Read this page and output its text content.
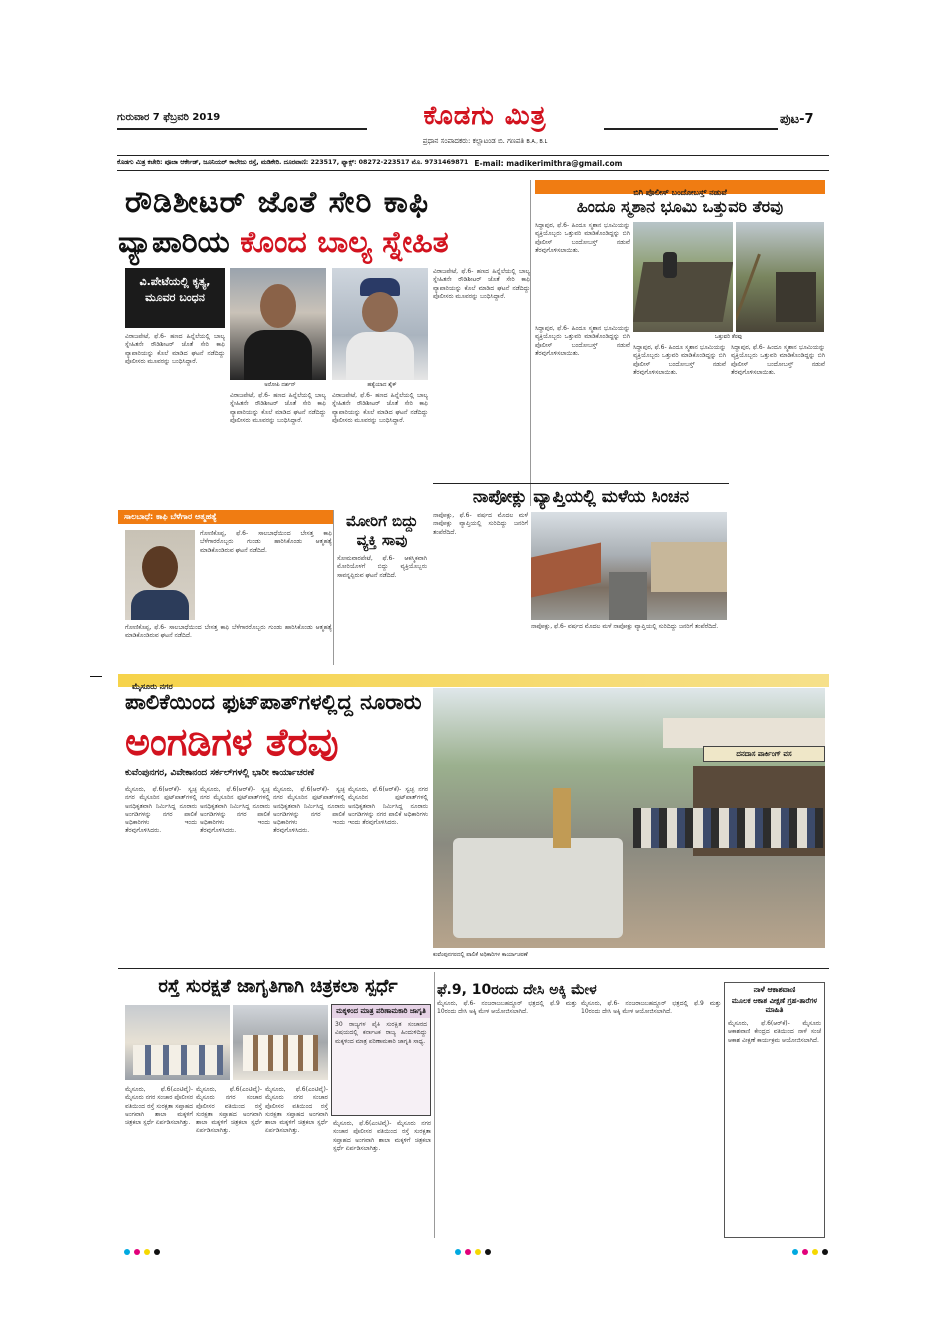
ಗುರುವಾರ 7 ಫೆಬ್ರವರಿ 2019	ಕೊಡಗು ಮಿತ್ರ
ಪ್ರಧಾನ ಸಂಪಾದಕರು: ಕಲ್ಲಾಟಂಡ ಬಿ. ಗಣಪತಿ B.A., B.L
ಪುಟ-7
ಕೊಡಗು ಮಿತ್ರ ಕಚೇರಿ: ಪೂಜಾ ಆರ್ಕೇಡ್, ಜೂನಿಯರ್ ಕಾಲೇಜು ರಸ್ತೆ, ಮಡಿಕೇರಿ. ದೂರವಾಣಿ: 223517, ಫ್ಯಾಕ್ಸ್: 08272-223517 ಮೊ. 9731469871 E-mail: madikerimithra@gmail.com
ರೌಡಿಶೀಟರ್ ಜೊತೆ ಸೇರಿ ಕಾಫಿ
ವ್ಯಾಪಾರಿಯ ಕೊಂದ ಬಾಲ್ಯ ಸ್ನೇಹಿತ
ವಿ.ಪೇಟೆಯಲ್ಲಿ ಕೃತ್ಯ, ಮೂವರ ಬಂಧನ
ಅರೋಪಿ ದರ್ಶನ್	ಹತ್ಯೆಯಾದ ಶೈಕ್
ವಿರಾಜಪೇಟೆ, ಫೆ.6- ಹಣದ ಹಿನ್ನೆಲೆಯಲ್ಲಿ ಬಾಲ್ಯ ಸ್ನೇಹಿತನೇ ರೌಡಿಶೀಟರ್ ಜೊತೆ ಸೇರಿ ಕಾಫಿ ವ್ಯಾಪಾರಿಯನ್ನು ಕೊಲೆ ಮಾಡಿದ ಘಟನೆ ನಡೆದಿದ್ದು ಪೊಲೀಸರು ಮೂವರನ್ನು ಬಂಧಿಸಿದ್ದಾರೆ.
ವಿರಾಜಪೇಟೆ, ಫೆ.6- ಹಣದ ಹಿನ್ನೆಲೆಯಲ್ಲಿ ಬಾಲ್ಯ ಸ್ನೇಹಿತನೇ ರೌಡಿಶೀಟರ್ ಜೊತೆ ಸೇರಿ ಕಾಫಿ ವ್ಯಾಪಾರಿಯನ್ನು ಕೊಲೆ ಮಾಡಿದ ಘಟನೆ ನಡೆದಿದ್ದು ಪೊಲೀಸರು ಮೂವರನ್ನು ಬಂಧಿಸಿದ್ದಾರೆ.
ವಿರಾಜಪೇಟೆ, ಫೆ.6- ಹಣದ ಹಿನ್ನೆಲೆಯಲ್ಲಿ ಬಾಲ್ಯ ಸ್ನೇಹಿತನೇ ರೌಡಿಶೀಟರ್ ಜೊತೆ ಸೇರಿ ಕಾಫಿ ವ್ಯಾಪಾರಿಯನ್ನು ಕೊಲೆ ಮಾಡಿದ ಘಟನೆ ನಡೆದಿದ್ದು ಪೊಲೀಸರು ಮೂವರನ್ನು ಬಂಧಿಸಿದ್ದಾರೆ.
ವಿರಾಜಪೇಟೆ, ಫೆ.6- ಹಣದ ಹಿನ್ನೆಲೆಯಲ್ಲಿ ಬಾಲ್ಯ ಸ್ನೇಹಿತನೇ ರೌಡಿಶೀಟರ್ ಜೊತೆ ಸೇರಿ ಕಾಫಿ ವ್ಯಾಪಾರಿಯನ್ನು ಕೊಲೆ ಮಾಡಿದ ಘಟನೆ ನಡೆದಿದ್ದು ಪೊಲೀಸರು ಮೂವರನ್ನು ಬಂಧಿಸಿದ್ದಾರೆ.
ಸಾಲಬಾಧೆ: ಕಾಫಿ ಬೆಳೆಗಾರ ಆತ್ಮಹತ್ಯೆ
ಗೋಣಿಕೊಪ್ಪ, ಫೆ.6- ಸಾಲಬಾಧೆಯಿಂದ ಬೇಸತ್ತ ಕಾಫಿ ಬೆಳೆಗಾರರೊಬ್ಬರು ಗುಂಡು ಹಾರಿಸಿಕೊಂಡು ಆತ್ಮಹತ್ಯೆ ಮಾಡಿಕೊಂಡಿರುವ ಘಟನೆ ನಡೆದಿದೆ.
ಗೋಣಿಕೊಪ್ಪ, ಫೆ.6- ಸಾಲಬಾಧೆಯಿಂದ ಬೇಸತ್ತ ಕಾಫಿ ಬೆಳೆಗಾರರೊಬ್ಬರು ಗುಂಡು ಹಾರಿಸಿಕೊಂಡು ಆತ್ಮಹತ್ಯೆ ಮಾಡಿಕೊಂಡಿರುವ ಘಟನೆ ನಡೆದಿದೆ.
ಮೋರಿಗೆ ಬಿದ್ದು ವ್ಯಕ್ತಿ ಸಾವು
ಸೋಮವಾರಪೇಟೆ, ಫೆ.6- ಆಕಸ್ಮಿಕವಾಗಿ ಮೋರಿಯೊಳಗೆ ಬಿದ್ದು ವ್ಯಕ್ತಿಯೊಬ್ಬರು ಸಾವನ್ನಪ್ಪಿರುವ ಘಟನೆ ನಡೆದಿದೆ.
ಬಿಗಿ ಪೊಲೀಸ್ ಬಂದೋಬಸ್ತ್ ನಡುವೆ
ಹಿಂದೂ ಸ್ಮಶಾನ ಭೂಮಿ ಒತ್ತುವರಿ ತೆರವು
ಸಿದ್ದಾಪುರ, ಫೆ.6- ಹಿಂದೂ ಸ್ಮಶಾನ ಭೂಮಿಯನ್ನು ವ್ಯಕ್ತಿಯೊಬ್ಬರು ಒತ್ತುವರಿ ಮಾಡಿಕೊಂಡಿದ್ದನ್ನು ಬಿಗಿ ಪೊಲೀಸ್ ಬಂದೋಬಸ್ತ್ ನಡುವೆ ತೆರವುಗೊಳಿಸಲಾಯಿತು.
ಒತ್ತುವರಿ ತೆರವು
ಸಿದ್ದಾಪುರ, ಫೆ.6- ಹಿಂದೂ ಸ್ಮಶಾನ ಭೂಮಿಯನ್ನು ವ್ಯಕ್ತಿಯೊಬ್ಬರು ಒತ್ತುವರಿ ಮಾಡಿಕೊಂಡಿದ್ದನ್ನು ಬಿಗಿ ಪೊಲೀಸ್ ಬಂದೋಬಸ್ತ್ ನಡುವೆ ತೆರವುಗೊಳಿಸಲಾಯಿತು.
ಸಿದ್ದಾಪುರ, ಫೆ.6- ಹಿಂದೂ ಸ್ಮಶಾನ ಭೂಮಿಯನ್ನು ವ್ಯಕ್ತಿಯೊಬ್ಬರು ಒತ್ತುವರಿ ಮಾಡಿಕೊಂಡಿದ್ದನ್ನು ಬಿಗಿ ಪೊಲೀಸ್ ಬಂದೋಬಸ್ತ್ ನಡುವೆ ತೆರವುಗೊಳಿಸಲಾಯಿತು.
ಸಿದ್ದಾಪುರ, ಫೆ.6- ಹಿಂದೂ ಸ್ಮಶಾನ ಭೂಮಿಯನ್ನು ವ್ಯಕ್ತಿಯೊಬ್ಬರು ಒತ್ತುವರಿ ಮಾಡಿಕೊಂಡಿದ್ದನ್ನು ಬಿಗಿ ಪೊಲೀಸ್ ಬಂದೋಬಸ್ತ್ ನಡುವೆ ತೆರವುಗೊಳಿಸಲಾಯಿತು.
ನಾಪೋಕ್ಲು ವ್ಯಾಪ್ತಿಯಲ್ಲಿ ಮಳೆಯ ಸಿಂಚನ
ನಾಪೋಕ್ಲು, ಫೆ.6- ವರ್ಷದ ಮೊದಲ ಮಳೆ ನಾಪೋಕ್ಲು ವ್ಯಾಪ್ತಿಯಲ್ಲಿ ಸುರಿದಿದ್ದು ಜನರಿಗೆ ತಂಪೆರೆದಿದೆ.
ನಾಪೋಕ್ಲು, ಫೆ.6- ವರ್ಷದ ಮೊದಲ ಮಳೆ ನಾಪೋಕ್ಲು ವ್ಯಾಪ್ತಿಯಲ್ಲಿ ಸುರಿದಿದ್ದು ಜನರಿಗೆ ತಂಪೆರೆದಿದೆ.
ಮೈಸೂರು ನಗರ
ಪಾಲಿಕೆಯಿಂದ ಫುಟ್‌ಪಾತ್‌ಗಳಲ್ಲಿದ್ದ ನೂರಾರು
ಅಂಗಡಿಗಳ ತೆರವು
ಕುವೆಂಪುನಗರ, ವಿವೇಕಾನಂದ ಸರ್ಕಲ್‌ಗಳಲ್ಲಿ ಭಾರೀ ಕಾರ್ಯಾಚರಣೆ
ದನದಾಸ ಪಾರ್ಕಿಂಗ್ ವಸ
ಕುವೆಂಪುನಗರದಲ್ಲಿ ಪಾಲಿಕೆ ಅಧಿಕಾರಿಗಳ ಕಾರ್ಯಾಚರಣೆ
ಮೈಸೂರು, ಫೆ.6(ಆರ್‌ಕೆ)- ಸ್ವಚ್ಛ ನಗರ ಮೈಸೂರಿನ ಫುಟ್‌ಪಾತ್‌ಗಳಲ್ಲಿ ಅನಧಿಕೃತವಾಗಿ ನಿರ್ಮಿಸಿದ್ದ ನೂರಾರು ಅಂಗಡಿಗಳನ್ನು ನಗರ ಪಾಲಿಕೆ ಅಧಿಕಾರಿಗಳು ಇಂದು ತೆರವುಗೊಳಿಸಿದರು.
ಮೈಸೂರು, ಫೆ.6(ಆರ್‌ಕೆ)- ಸ್ವಚ್ಛ ನಗರ ಮೈಸೂರಿನ ಫುಟ್‌ಪಾತ್‌ಗಳಲ್ಲಿ ಅನಧಿಕೃತವಾಗಿ ನಿರ್ಮಿಸಿದ್ದ ನೂರಾರು ಅಂಗಡಿಗಳನ್ನು ನಗರ ಪಾಲಿಕೆ ಅಧಿಕಾರಿಗಳು ಇಂದು ತೆರವುಗೊಳಿಸಿದರು.
ಮೈಸೂರು, ಫೆ.6(ಆರ್‌ಕೆ)- ಸ್ವಚ್ಛ ನಗರ ಮೈಸೂರಿನ ಫುಟ್‌ಪಾತ್‌ಗಳಲ್ಲಿ ಅನಧಿಕೃತವಾಗಿ ನಿರ್ಮಿಸಿದ್ದ ನೂರಾರು ಅಂಗಡಿಗಳನ್ನು ನಗರ ಪಾಲಿಕೆ ಅಧಿಕಾರಿಗಳು ಇಂದು ತೆರವುಗೊಳಿಸಿದರು.
ಮೈಸೂರು, ಫೆ.6(ಆರ್‌ಕೆ)- ಸ್ವಚ್ಛ ನಗರ ಮೈಸೂರಿನ ಫುಟ್‌ಪಾತ್‌ಗಳಲ್ಲಿ ಅನಧಿಕೃತವಾಗಿ ನಿರ್ಮಿಸಿದ್ದ ನೂರಾರು ಅಂಗಡಿಗಳನ್ನು ನಗರ ಪಾಲಿಕೆ ಅಧಿಕಾರಿಗಳು ಇಂದು ತೆರವುಗೊಳಿಸಿದರು.
ರಸ್ತೆ ಸುರಕ್ಷತೆ ಜಾಗೃತಿಗಾಗಿ ಚಿತ್ರಕಲಾ ಸ್ಪರ್ಧೆ
ಮೈಸೂರು, ಫೆ.6(ಎಂಟಿವೈ)- ಮೈಸೂರು ನಗರ ಸಂಚಾರ ಪೊಲೀಸರ ವತಿಯಿಂದ ರಸ್ತೆ ಸುರಕ್ಷತಾ ಸಪ್ತಾಹದ ಅಂಗವಾಗಿ ಶಾಲಾ ಮಕ್ಕಳಿಗೆ ಚಿತ್ರಕಲಾ ಸ್ಪರ್ಧೆ ಏರ್ಪಡಿಸಲಾಗಿತ್ತು.
ಮೈಸೂರು, ಫೆ.6(ಎಂಟಿವೈ)- ಮೈಸೂರು ನಗರ ಸಂಚಾರ ಪೊಲೀಸರ ವತಿಯಿಂದ ರಸ್ತೆ ಸುರಕ್ಷತಾ ಸಪ್ತಾಹದ ಅಂಗವಾಗಿ ಶಾಲಾ ಮಕ್ಕಳಿಗೆ ಚಿತ್ರಕಲಾ ಸ್ಪರ್ಧೆ ಏರ್ಪಡಿಸಲಾಗಿತ್ತು.
ಮೈಸೂರು, ಫೆ.6(ಎಂಟಿವೈ)- ಮೈಸೂರು ನಗರ ಸಂಚಾರ ಪೊಲೀಸರ ವತಿಯಿಂದ ರಸ್ತೆ ಸುರಕ್ಷತಾ ಸಪ್ತಾಹದ ಅಂಗವಾಗಿ ಶಾಲಾ ಮಕ್ಕಳಿಗೆ ಚಿತ್ರಕಲಾ ಸ್ಪರ್ಧೆ ಏರ್ಪಡಿಸಲಾಗಿತ್ತು.
ಮಕ್ಕಳಿಂದ ಮಾತ್ರ ಪರಿಣಾಮಕಾರಿ ಜಾಗೃತಿ
30 ರಾಜ್ಯಗಳ ಪೈಕಿ ಸುರಕ್ಷಿತ ಸಂಚಾರದ ವಿಷಯದಲ್ಲಿ ಕರ್ನಾಟಕ ರಾಜ್ಯ ಹಿಂದುಳಿದಿದ್ದು ಮಕ್ಕಳಿಂದ ಮಾತ್ರ ಪರಿಣಾಮಕಾರಿ ಜಾಗೃತಿ ಸಾಧ್ಯ.
ಮೈಸೂರು, ಫೆ.6(ಎಂಟಿವೈ)- ಮೈಸೂರು ನಗರ ಸಂಚಾರ ಪೊಲೀಸರ ವತಿಯಿಂದ ರಸ್ತೆ ಸುರಕ್ಷತಾ ಸಪ್ತಾಹದ ಅಂಗವಾಗಿ ಶಾಲಾ ಮಕ್ಕಳಿಗೆ ಚಿತ್ರಕಲಾ ಸ್ಪರ್ಧೆ ಏರ್ಪಡಿಸಲಾಗಿತ್ತು.
ಫೆ.9, 10ರಂದು ದೇಸಿ ಅಕ್ಕಿ ಮೇಳ
ಮೈಸೂರು, ಫೆ.6- ನಂಜರಾಜಬಹದ್ದೂರ್ ಛತ್ರದಲ್ಲಿ ಫೆ.9 ಮತ್ತು 10ರಂದು ದೇಸಿ ಅಕ್ಕಿ ಮೇಳ ಆಯೋಜಿಸಲಾಗಿದೆ.
ಮೈಸೂರು, ಫೆ.6- ನಂಜರಾಜಬಹದ್ದೂರ್ ಛತ್ರದಲ್ಲಿ ಫೆ.9 ಮತ್ತು 10ರಂದು ದೇಸಿ ಅಕ್ಕಿ ಮೇಳ ಆಯೋಜಿಸಲಾಗಿದೆ.
ನಾಳೆ ಆಕಾಶವಾಣಿ
ಮೂಲಕ ಆಕಾಶ ವೀಕ್ಷಣೆ ಗ್ರಹ-ತಾರೆಗಳ ಮಾಹಿತಿ
ಮೈಸೂರು, ಫೆ.6(ಆರ್‌ಕೆ)- ಮೈಸೂರು ಆಕಾಶವಾಣಿ ಕೇಂದ್ರದ ವತಿಯಿಂದ ನಾಳೆ ಸಂಜೆ ಆಕಾಶ ವೀಕ್ಷಣೆ ಕಾರ್ಯಕ್ರಮ ಆಯೋಜಿಸಲಾಗಿದೆ.
